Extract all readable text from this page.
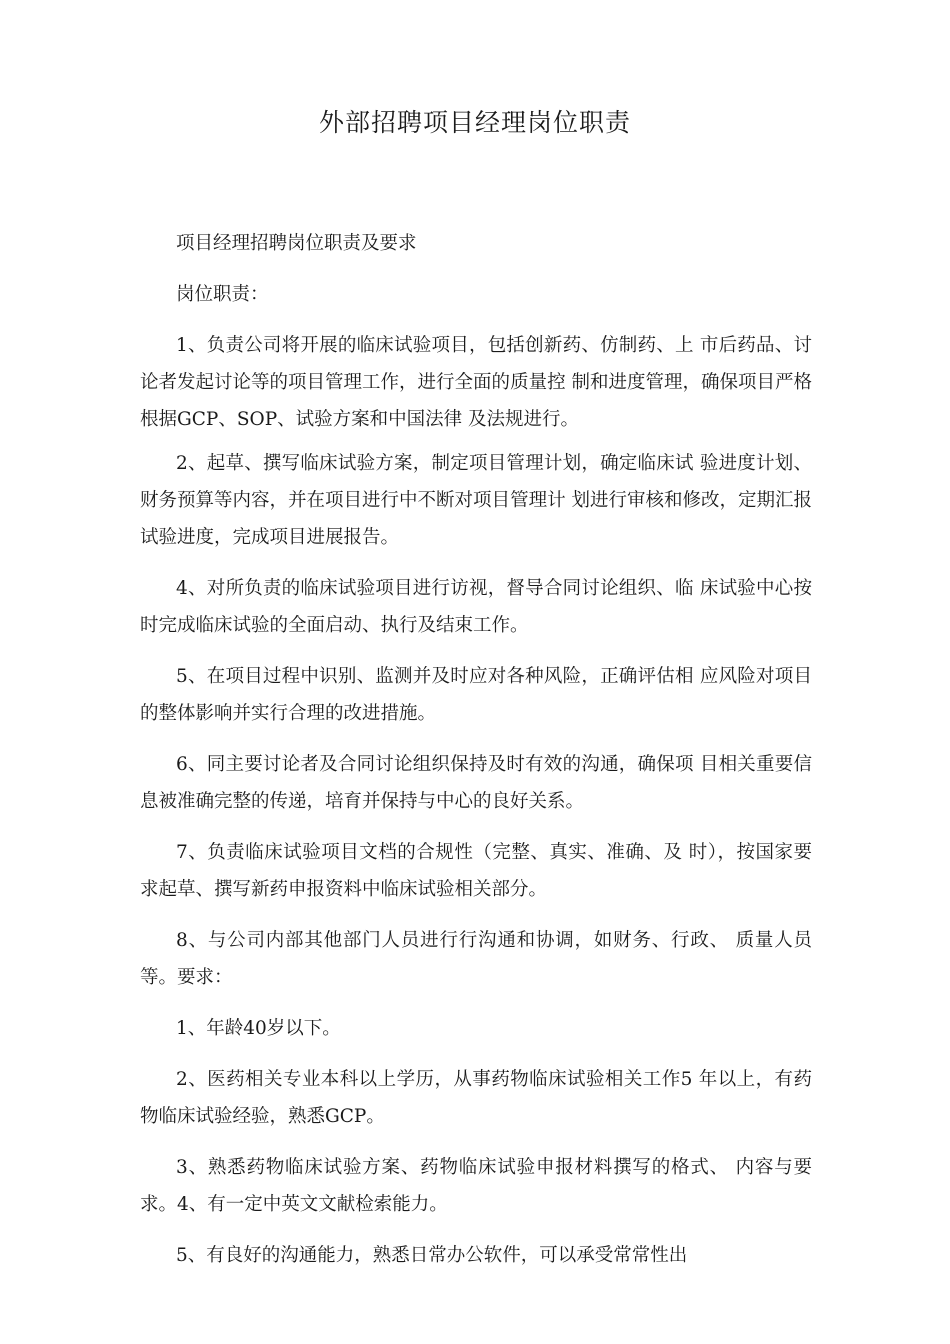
外部招聘项目经理岗位职责

项目经理招聘岗位职责及要求

岗位职责：

1、负责公司将开展的临床试验项目，包括创新药、仿制药、上 市后药品、讨论者发起讨论等的项目管理工作，进行全面的质量控 制和进度管理，确保项目严格根据GCP、SOP、试验方案和中国法律 及法规进行。

2、起草、撰写临床试验方案，制定项目管理计划，确定临床试 验进度计划、财务预算等内容，并在项目进行中不断对项目管理计 划进行审核和修改，定期汇报试验进度，完成项目进展报告。

4、对所负责的临床试验项目进行访视，督导合同讨论组织、临 床试验中心按时完成临床试验的全面启动、执行及结束工作。

5、在项目过程中识别、监测并及时应对各种风险，正确评估相 应风险对项目的整体影响并实行合理的改进措施。

6、同主要讨论者及合同讨论组织保持及时有效的沟通，确保项 目相关重要信息被准确完整的传递，培育并保持与中心的良好关系。

7、负责临床试验项目文档的合规性（完整、真实、准确、及 时），按国家要求起草、撰写新药申报资料中临床试验相关部分。

8、与公司内部其他部门人员进行行沟通和协调，如财务、行政、 质量人员等。要求：

1、年龄40岁以下。

2、医药相关专业本科以上学历，从事药物临床试验相关工作5 年以上，有药物临床试验经验，熟悉GCP。

3、熟悉药物临床试验方案、药物临床试验申报材料撰写的格式、 内容与要求。4、有一定中英文文献检索能力。

5、有良好的沟通能力，熟悉日常办公软件，可以承受常常性出
